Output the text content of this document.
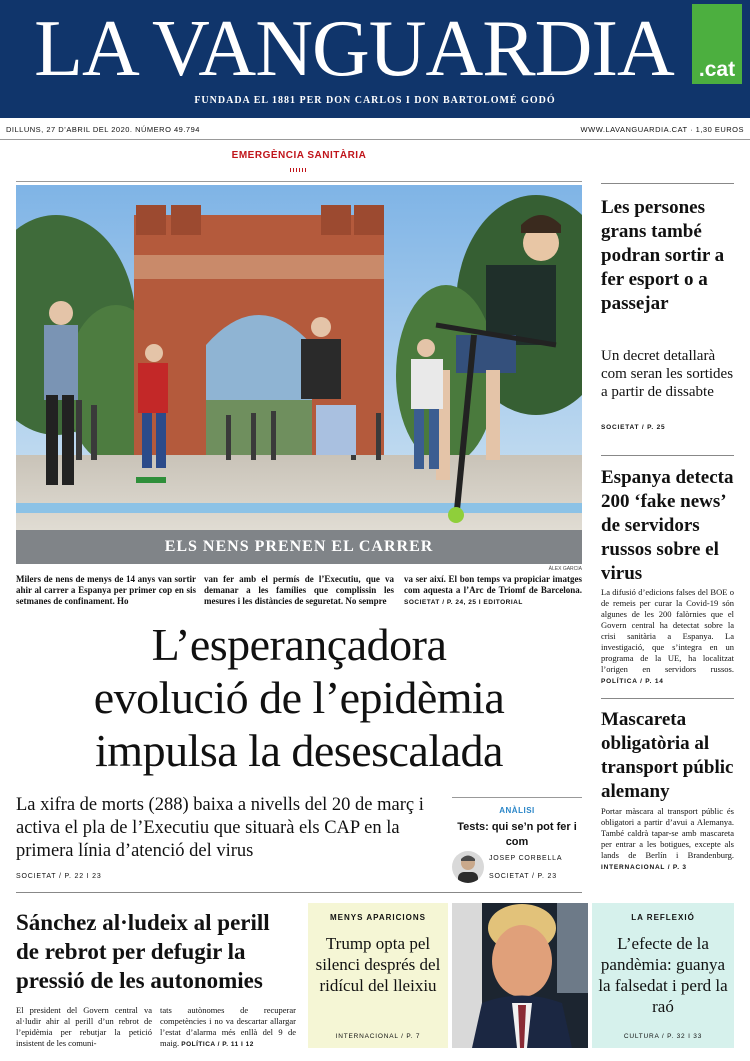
LA VANGUARDIA	.cat
FUNDADA EL 1881 PER DON CARLOS I DON BARTOLOMÉ GODÓ
DILLUNS, 27 D’ABRIL DEL 2020. NÚMERO 49.794	WWW.LAVANGUARDIA.CAT · 1,30 EUROS
EMERGÈNCIA SANITÀRIA
ELS NENS PRENEN EL CARRER
ÀLEX GARCIA
Milers de nens de menys de 14 anys van sortir ahir al carrer a Espanya per primer cop en sis setmanes de confinament. Ho
van fer amb el permís de l’Executiu, que va demanar a les famílies que complissin les mesures i les distàncies de seguretat. No sempre
va ser així. El bon temps va propiciar imatges com aquesta a l’Arc de Triomf de Barcelona. SOCIETAT / P. 24, 25 I EDITORIAL
L’esperançadora
evolució de l’epidèmia
impulsa la desescalada
La xifra de morts (288) baixa a nivells del 20 de març i activa el pla de l’Executiu que situarà els CAP en la primera línia d’atenció del virus
SOCIETAT / P. 22 I 23
ANÀLISI
Tests: qui se’n pot fer i com
JOSEP CORBELLA
SOCIETAT / P. 23
Les persones grans també podran sortir a fer esport o a passejar
Un decret detallarà com seran les sortides a partir de dissabte
SOCIETAT / P. 25
Espanya detecta 200 ‘fake news’ de servidors russos sobre el virus
La difusió d’edicions falses del BOE o de remeis per curar la Covid-19 són algunes de les 200 falòrnies que el Govern central ha detectat sobre la crisi sanitària a Espanya. La investigació, que s’integra en un programa de la UE, ha localitzat l’origen en servidors russos. POLÍTICA / P. 14
Mascareta obligatòria al transport públic alemany
Portar màscara al transport públic és obligatori a partir d’avui a Alemanya. També caldrà tapar-se amb mascareta per entrar a les botigues, excepte als lands de Berlín i Brandenburg. INTERNACIONAL / P. 3
Sánchez al·ludeix al perill de rebrot per defugir la pressió de les autonomies
El president del Govern central va al·ludir ahir al perill d’un rebrot de l’epidèmia per rebutjar la petició insistent de les comuni-
tats autònomes de recuperar competències i no va descartar allargar l’estat d’alarma més enllà del 9 de maig. POLÍTICA / P. 11 I 12
MENYS APARICIONS
Trump opta pel silenci després del ridícul del lleixiu
INTERNACIONAL / P. 7
LA REFLEXIÓ
L’efecte de la pandèmia: guanya la falsedat i perd la raó
CULTURA / P. 32 I 33
